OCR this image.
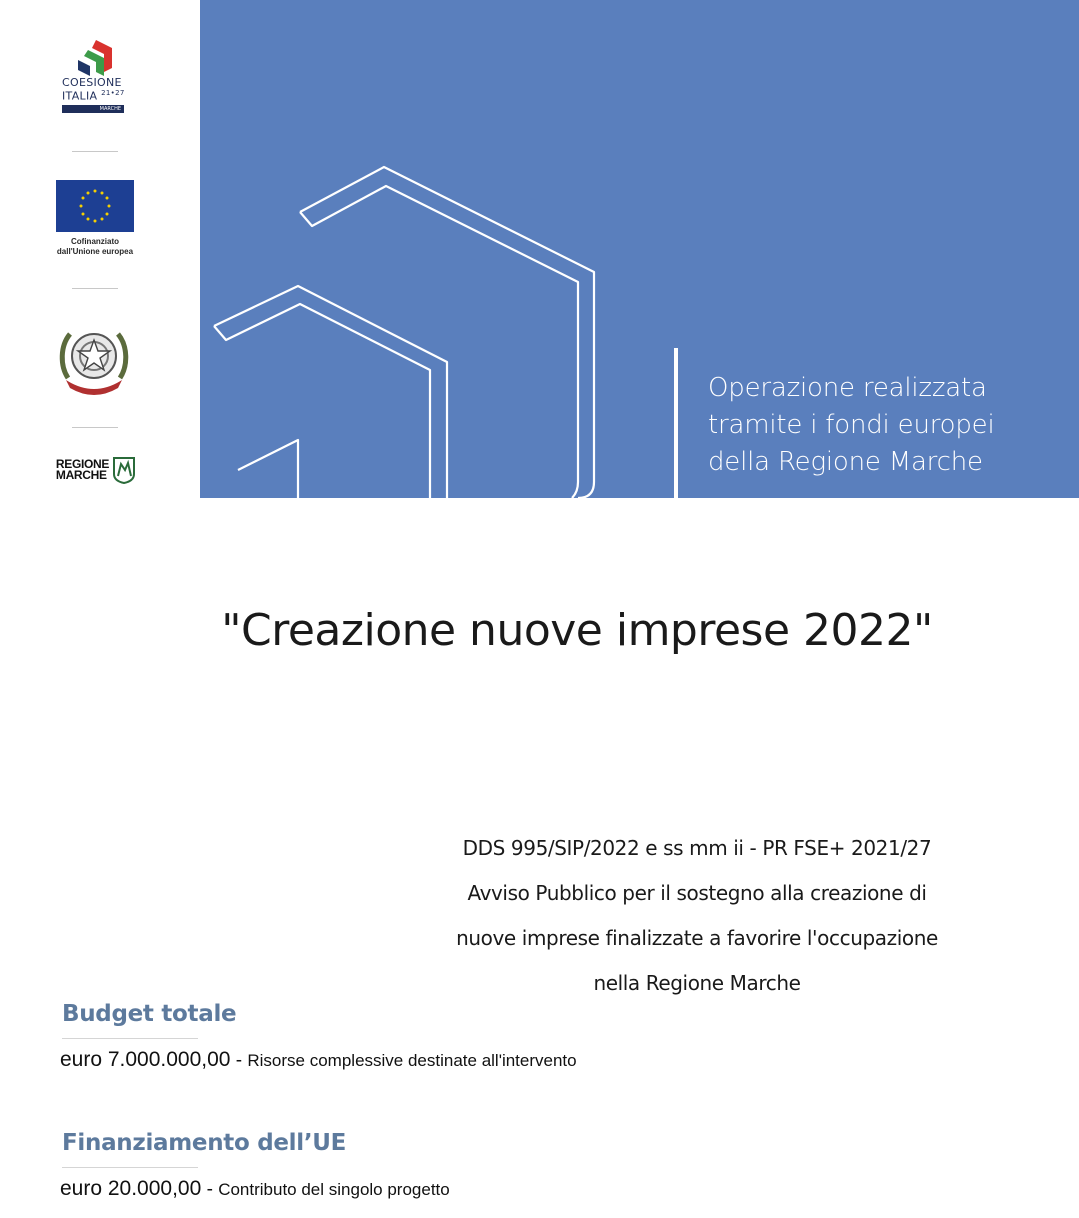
COESIONE
ITALIA $^{21•27}$
MARCHE
Cofinanziato
dall'Unione europea
REGIONE
MARCHE
Operazione realizzata
tramite i fondi europei
della Regione Marche
"Creazione nuove imprese 2022"
DDS 995/SIP/2022 e ss mm ii - PR FSE+ 2021/27
Avviso Pubblico per il sostegno alla creazione di
nuove imprese finalizzate a favorire l'occupazione
nella Regione Marche
Budget totale
euro 7.000.000,00 - Risorse complessive destinate all'intervento
Finanziamento dell’UE
euro 20.000,00 - Contributo del singolo progetto
